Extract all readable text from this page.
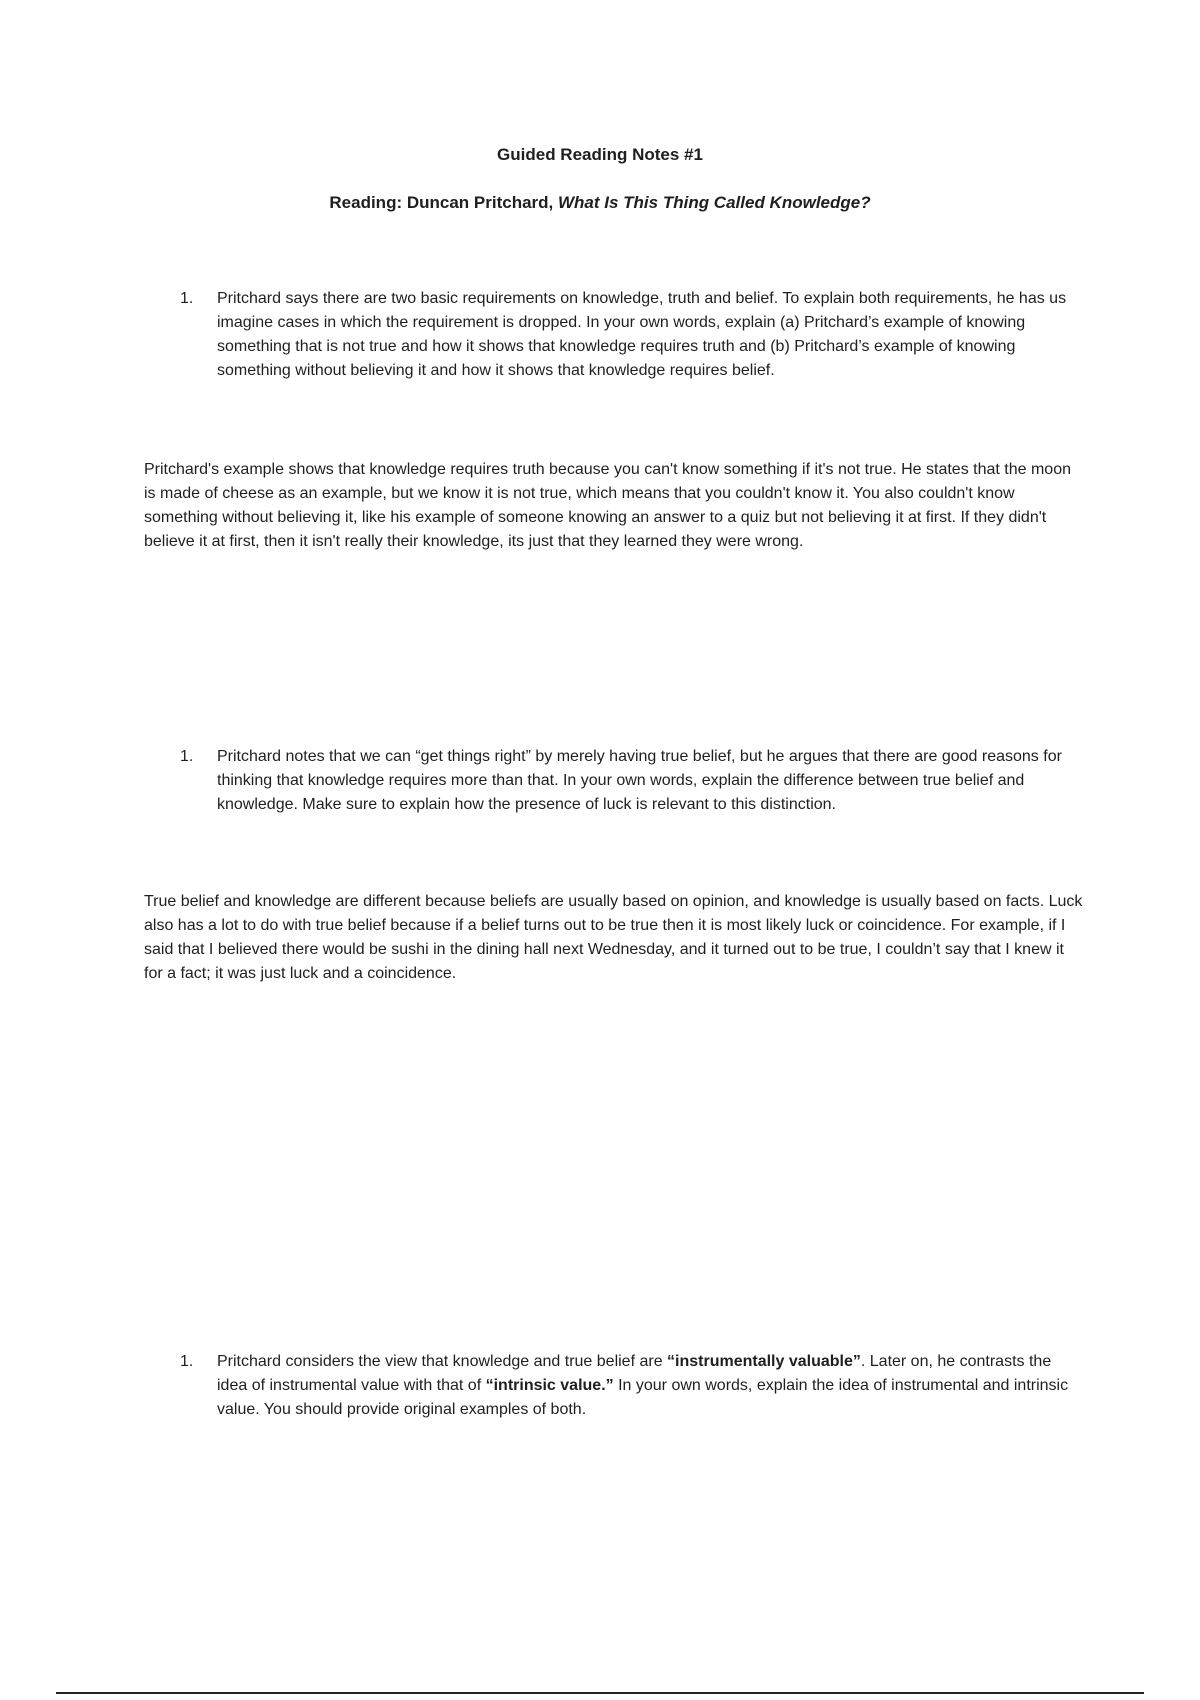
Guided Reading Notes #1
Reading: Duncan Pritchard, What Is This Thing Called Knowledge?
1.	Pritchard says there are two basic requirements on knowledge, truth and belief. To explain both requirements, he has us imagine cases in which the requirement is dropped. In your own words, explain (a) Pritchard’s example of knowing something that is not true and how it shows that knowledge requires truth and (b) Pritchard’s example of knowing something without believing it and how it shows that knowledge requires belief.
Pritchard's example shows that knowledge requires truth because you can't know something if it's not true. He states that the moon is made of cheese as an example, but we know it is not true, which means that you couldn't know it. You also couldn't know something without believing it, like his example of someone knowing an answer to a quiz but not believing it at first. If they didn't believe it at first, then it isn't really their knowledge, its just that they learned they were wrong.
1.	Pritchard notes that we can “get things right” by merely having true belief, but he argues that there are good reasons for thinking that knowledge requires more than that. In your own words, explain the difference between true belief and knowledge. Make sure to explain how the presence of luck is relevant to this distinction.
True belief and knowledge are different because beliefs are usually based on opinion, and knowledge is usually based on facts. Luck also has a lot to do with true belief because if a belief turns out to be true then it is most likely luck or coincidence. For example, if I said that I believed there would be sushi in the dining hall next Wednesday, and it turned out to be true, I couldn’t say that I knew it for a fact; it was just luck and a coincidence.
1.	Pritchard considers the view that knowledge and true belief are “instrumentally valuable”. Later on, he contrasts the idea of instrumental value with that of “intrinsic value.” In your own words, explain the idea of instrumental and intrinsic value. You should provide original examples of both.
